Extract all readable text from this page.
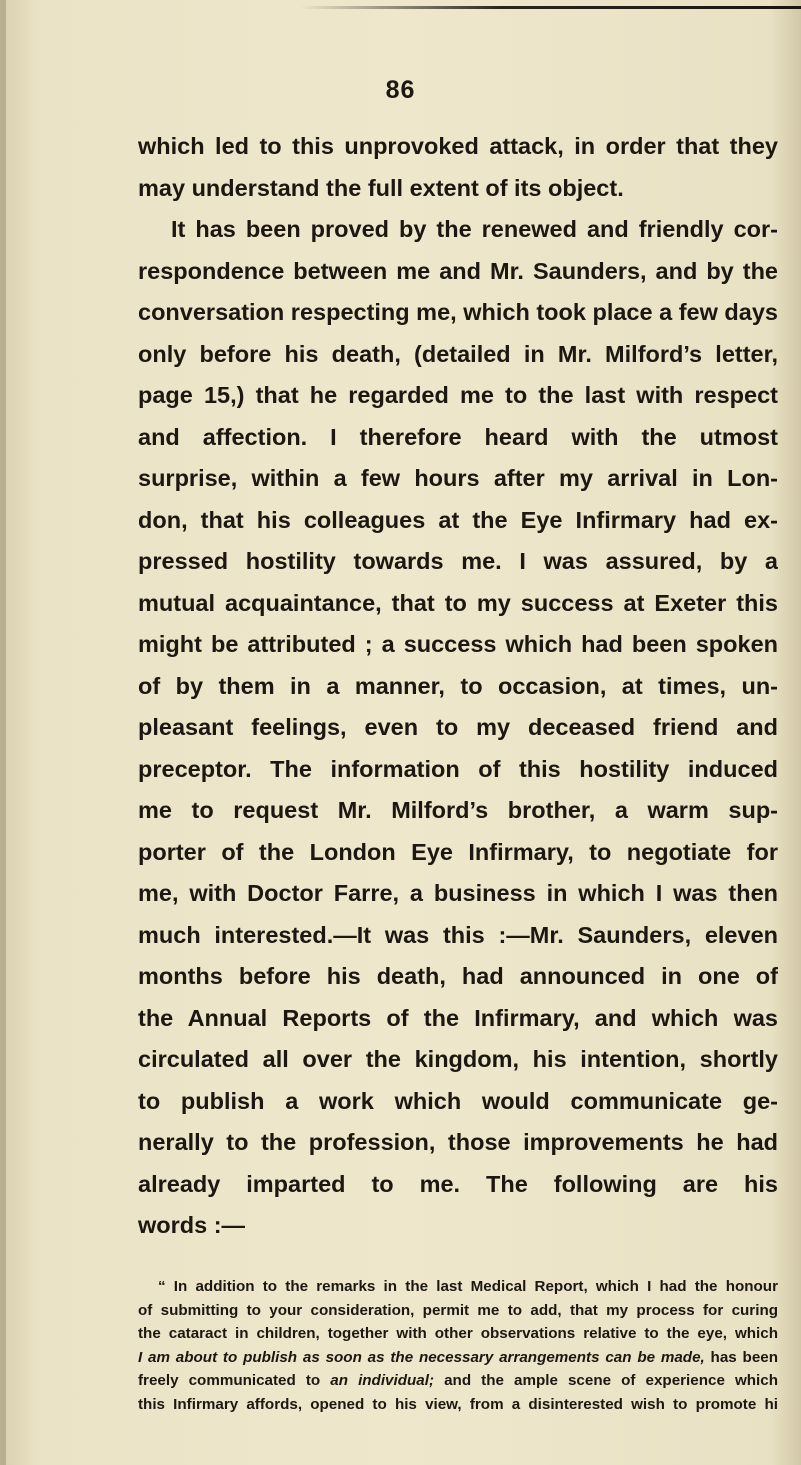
86
which led to this unprovoked attack, in order that they
may understand the full extent of its object.
It has been proved by the renewed and friendly cor-
respondence between me and Mr. Saunders, and by the
conversation respecting me, which took place a few days
only before his death, (detailed in Mr. Milford’s letter,
page 15,) that he regarded me to the last with respect
and affection. I therefore heard with the utmost
surprise, within a few hours after my arrival in Lon-
don, that his colleagues at the Eye Infirmary had ex-
pressed hostility towards me. I was assured, by a
mutual acquaintance, that to my success at Exeter this
might be attributed ; a success which had been spoken
of by them in a manner, to occasion, at times, un-
pleasant feelings, even to my deceased friend and
preceptor. The information of this hostility induced
me to request Mr. Milford’s brother, a warm sup-
porter of the London Eye Infirmary, to negotiate for
me, with Doctor Farre, a business in which I was then
much interested.—It was this :—Mr. Saunders, eleven
months before his death, had announced in one of
the Annual Reports of the Infirmary, and which was
circulated all over the kingdom, his intention, shortly
to publish a work which would communicate ge-
nerally to the profession, those improvements he had
already imparted to me. The following are his
words :—
“ In addition to the remarks in the last Medical Report, which I had the honour
of submitting to your consideration, permit me to add, that my process for curing
the cataract in children, together with other observations relative to the eye, which
I am about to publish as soon as the necessary arrangements can be made, has been
freely communicated to an individual; and the ample scene of experience which
this Infirmary affords, opened to his view, from a disinterested wish to promote hi
